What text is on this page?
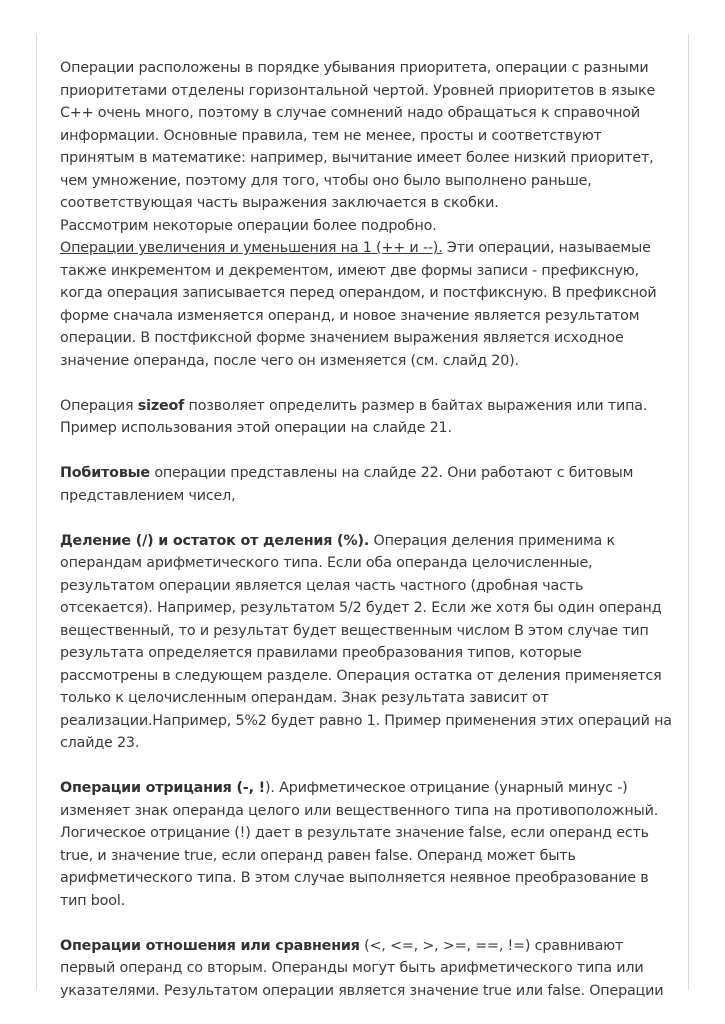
Операции расположены в порядке убывания приоритета, операции с разными приоритетами отделены горизонтальной чертой. Уровней приоритетов в языке C++ очень много, поэтому в случае сомнений надо обращаться к справочной информации. Основные правила, тем не менее, просты и соответствуют принятым в математике: например, вычитание имеет более низкий приоритет, чем умножение, поэтому для того, чтобы оно было выполнено раньше, соответствующая часть выражения заключается в скобки.

Рассмотрим некоторые операции более подробно.

Операции увеличения и уменьшения на 1 (++ и --). Эти операции, называемые также инкрементом и декрементом, имеют две формы записи - префиксную, когда операция записывается перед операндом, и постфиксную. В префиксной форме сначала изменяется операнд, и новое значение является результатом операции. В постфиксной форме значением выражения является исходное значение операнда, после чего он изменяется (см. слайд 20).

Операция sizeof позволяет определить размер в байтах выражения или типа. Пример использования этой операции на слайде 21.

Побитовые операции представлены на слайде 22. Они работают с битовым представлением чисел,

Деление (/) и остаток от деления (%). Операция деления применима к операндам арифметического типа. Если оба операнда целочисленные, результатом операции является целая часть частного (дробная часть отсекается). Например, результатом 5/2 будет 2. Если же хотя бы один операнд вещественный, то и результат будет вещественным числом В этом случае тип результата определяется правилами преобразования типов, которые рассмотрены в следующем разделе. Операция остатка от деления применяется только к целочисленным операндам. Знак результата зависит от реализации.Например, 5%2 будет равно 1. Пример применения этих операций на слайде 23.

Операции отрицания (-, !). Арифметическое отрицание (унарный минус -) изменяет знак операнда целого или вещественного типа на противоположный. Логическое отрицание (!) дает в результате значение false, если операнд есть true, и значение true, если операнд равен false. Операнд может быть арифметического типа. В этом случае выполняется неявное преобразование в тип bool.

Операции отношения или сравнения (<, <=, >, >=, ==, !=) сравнивают первый операнд со вторым. Операнды могут быть арифметического типа или указателями. Результатом операции является значение true или false. Операции
